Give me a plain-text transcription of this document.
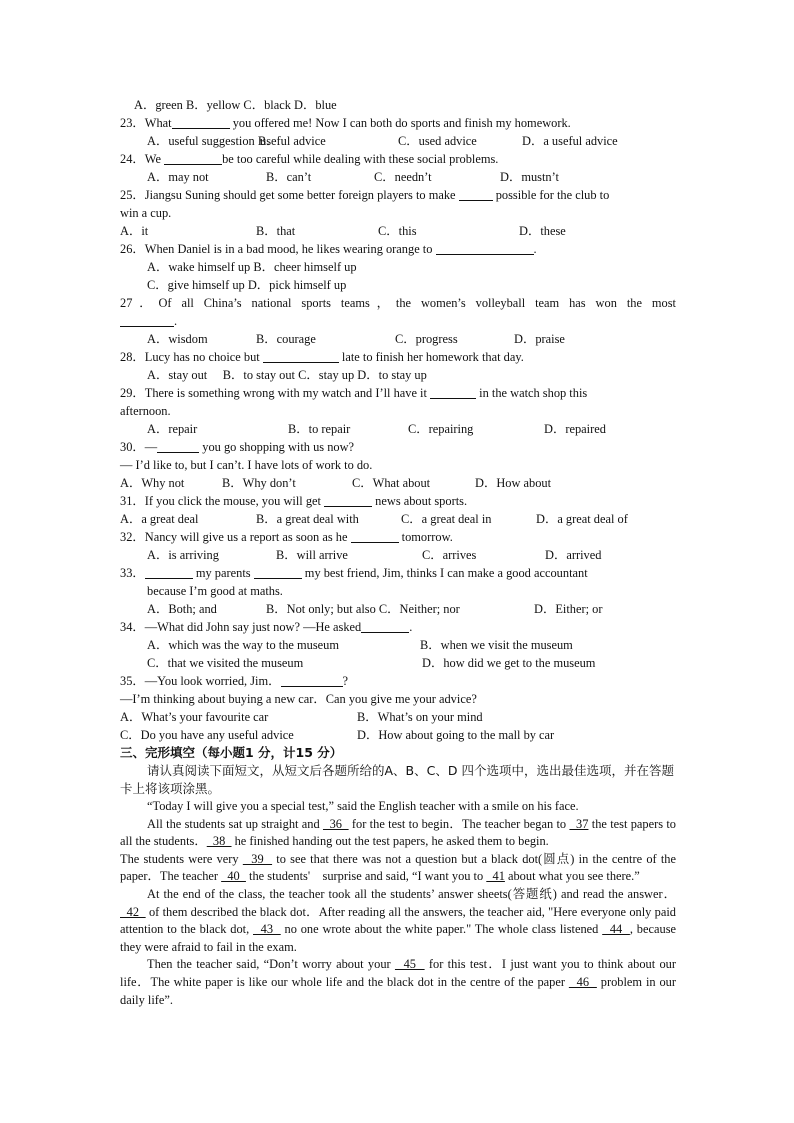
A．green B．yellow C．black D．blue
23．What	you offered me! Now I can both do sports and finish my homework.
A．useful suggestion B．
useful advice	C．used advice	D．a useful advice
24．We	be too careful while dealing with these social problems.
A．may not	B．can’t	C．needn’t	D．mustn’t
25．Jiangsu Suning should get some better foreign players to make	possible for the club to
win a cup.
A．it	B．that	C．this	D．these
26．When Daniel is in a bad mood, he likes wearing orange to	.
A．wake himself up B．cheer himself up
C．give himself up D．pick himself up
27．Of all China’s national sports teams，the women’s volleyball team has won the most
.
A．wisdom	B．courage	C．progress	D．praise
28．Lucy has no choice but	late to finish her homework that day.
A．stay out     B．to stay out C．stay up D．to stay up
29．There is something wrong with my watch and I’ll have it	in the watch shop this
afternoon.
A．repair	B．to repair	C．repairing	D．repaired
30．—	you go shopping with us now?
— I’d like to, but I can’t. I have lots of work to do.
A．Why not	B．Why don’t	C．What about	D．How about
31．If you click the mouse, you will get	news about sports.
A．a great deal	B．a great deal with	C．a great deal in	D．a great deal of
32．Nancy will give us a report as soon as he	tomorrow.
A．is arriving	B．will arrive	C．arrives	D．arrived
33．	my parents	my best friend, Jim, thinks I can make a good accountant
because I’m good at maths.
A．Both; and	B．Not only; but also C．Neither; nor	D．Either; or
34．—What did John say just now? —He asked	.
A．which was the way to the museum	B．when we visit the museum
C．that we visited the museum	D．how did we get to the museum
35．—You look worried, Jim．	?
—I’m thinking about buying a new car．Can you give me your advice?
A．What’s your favourite car	B．What’s on your mind
C．Do you have any useful advice	D．How about going to the mall by car
三、完形填空（每小题1 分，计15 分）
请认真阅读下面短文，从短文后各题所给的A、B、C、D 四个选项中，选出最佳选项，并在答题卡上将该项涂黑。
“Today I will give you a special test,” said the English teacher with a smile on his face.
All the students sat up straight and   36   for the test to begin．The teacher began to   37 the test papers to all the students．  38   he finished handing out the test papers, he asked them to begin.
The students were very   39   to see that there was not a question but a black dot(圆点) in the centre of the paper．The teacher   40   the students'    surprise and said, “I want you to   41 about what you see there.”
At the end of the class, the teacher took all the students’ answer sheets(答题纸) and read the answer．  42   of them described the black dot．After reading all the answers, the teacher aid, "Here everyone only paid attention to the black dot,   43   no one wrote about the white paper." The whole class listened   44  , because they were afraid to fail in the exam.
Then the teacher said, “Don’t worry about your   45   for this test．I just want you to think about our life．The white paper is like our whole life and the black dot in the centre of the paper   46   problem in our daily life”.
